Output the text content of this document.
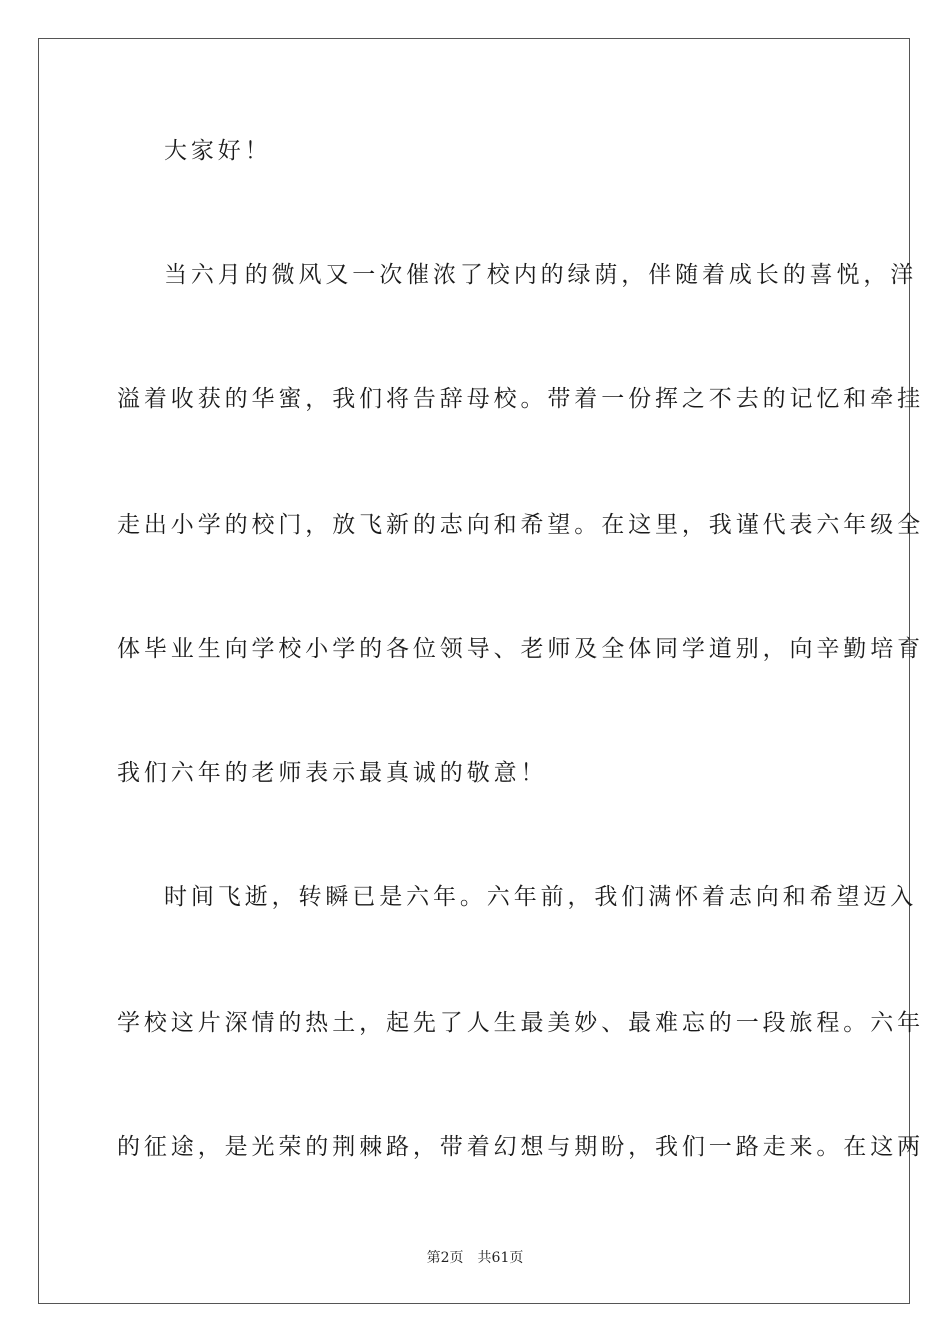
大家好！
当六月的微风又一次催浓了校内的绿荫，伴随着成长的喜悦，洋
溢着收获的华蜜，我们将告辞母校。带着一份挥之不去的记忆和牵挂
走出小学的校门，放飞新的志向和希望。在这里，我谨代表六年级全
体毕业生向学校小学的各位领导、老师及全体同学道别，向辛勤培育
我们六年的老师表示最真诚的敬意！
时间飞逝，转瞬已是六年。六年前，我们满怀着志向和希望迈入
学校这片深情的热土，起先了人生最美妙、最难忘的一段旅程。六年
的征途，是光荣的荆棘路，带着幻想与期盼，我们一路走来。在这两
第2页 共61页
